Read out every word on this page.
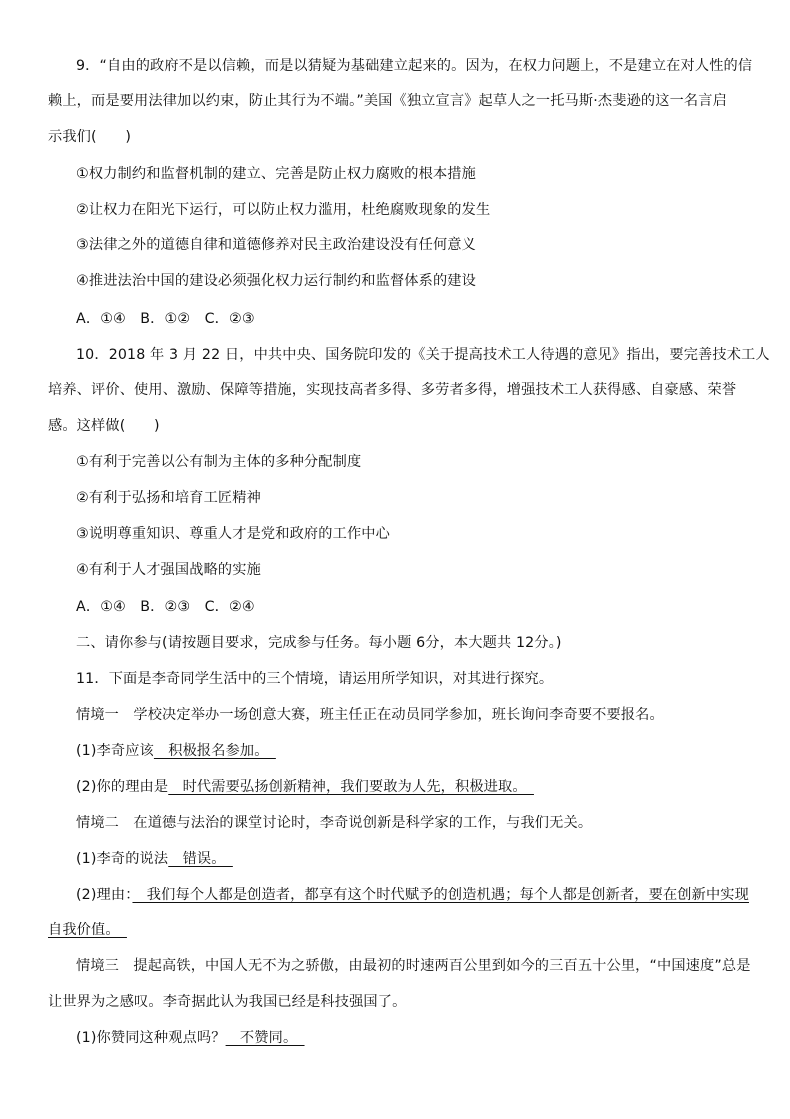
9．“自由的政府不是以信赖，而是以猜疑为基础建立起来的。因为，在权力问题上，不是建立在对人性的信
赖上，而是要用法律加以约束，防止其行为不端。”美国《独立宣言》起草人之一托马斯·杰斐逊的这一名言启
示我们(　　)
①权力制约和监督机制的建立、完善是防止权力腐败的根本措施
②让权力在阳光下运行，可以防止权力滥用，杜绝腐败现象的发生
③法律之外的道德自律和道德修养对民主政治建设没有任何意义
④推进法治中国的建设必须强化权力运行制约和监督体系的建设
A．①④　B．①②　C．②③
10．2018 年 3 月 22 日，中共中央、国务院印发的《关于提高技术工人待遇的意见》指出，要完善技术工人
培养、评价、使用、激励、保障等措施，实现技高者多得、多劳者多得，增强技术工人获得感、自豪感、荣誉
感。这样做(　　)
①有利于完善以公有制为主体的多种分配制度
②有利于弘扬和培育工匠精神
③说明尊重知识、尊重人才是党和政府的工作中心
④有利于人才强国战略的实施
A．①④　B．②③　C．②④
二、请你参与(请按题目要求，完成参与任务。每小题 6分，本大题共 12分。)
11．下面是李奇同学生活中的三个情境，请运用所学知识，对其进行探究。
情境一　学校决定举办一场创意大赛，班主任正在动员同学参加，班长询问李奇要不要报名。
(1)李奇应该　积极报名参加。　
(2)你的理由是　时代需要弘扬创新精神，我们要敢为人先，积极进取。　
情境二　在道德与法治的课堂讨论时，李奇说创新是科学家的工作，与我们无关。
(1)李奇的说法　错误。　
(2)理由：　我们每个人都是创造者，都享有这个时代赋予的创造机遇；每个人都是创新者，要在创新中实现
自我价值。　
情境三　提起高铁，中国人无不为之骄傲，由最初的时速两百公里到如今的三百五十公里，“中国速度”总是
让世界为之感叹。李奇据此认为我国已经是科技强国了。
(1)你赞同这种观点吗？　不赞同。　
